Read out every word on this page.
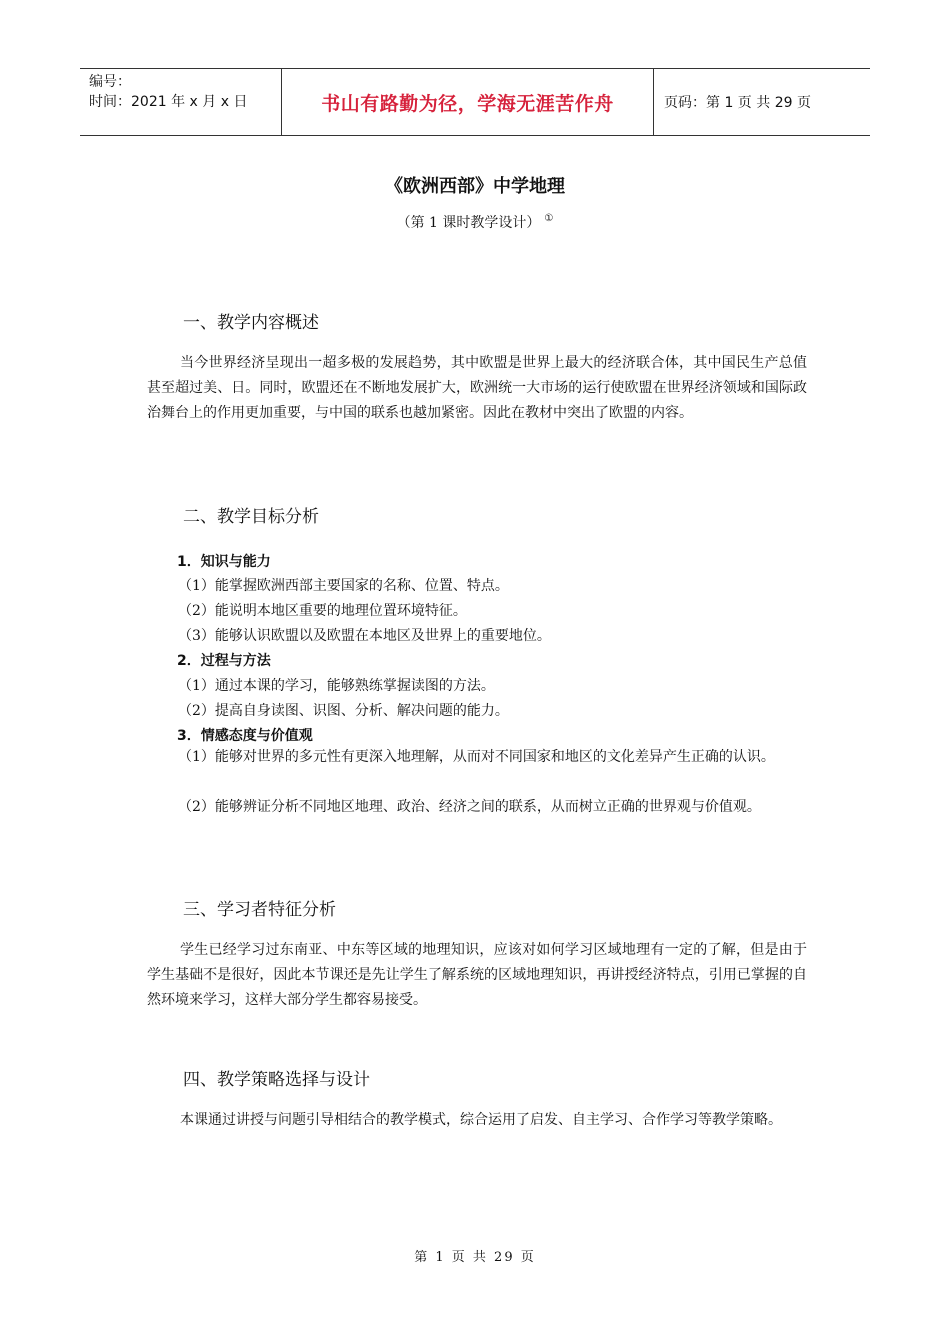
编号：
时间：2021 年 x 月 x 日	书山有路勤为径，学海无涯苦作舟	页码：第 1 页 共 29 页
《欧洲西部》中学地理
（第 1 课时教学设计） ①
一、教学内容概述

当今世界经济呈现出一超多极的发展趋势，其中欧盟是世界上最大的经济联合体，其中国民生产总值甚至超过美、日。同时，欧盟还在不断地发展扩大，欧洲统一大市场的运行使欧盟在世界经济领域和国际政治舞台上的作用更加重要，与中国的联系也越加紧密。因此在教材中突出了欧盟的内容。

二、教学目标分析
1．知识与能力
（1）能掌握欧洲西部主要国家的名称、位置、特点。
（2）能说明本地区重要的地理位置环境特征。
（3）能够认识欧盟以及欧盟在本地区及世界上的重要地位。
2．过程与方法
（1）通过本课的学习，能够熟练掌握读图的方法。
（2）提高自身读图、识图、分析、解决问题的能力。
3．情感态度与价值观

（1）能够对世界的多元性有更深入地理解，从而对不同国家和地区的文化差异产生正确的认识。

（2）能够辨证分析不同地区地理、政治、经济之间的联系，从而树立正确的世界观与价值观。

三、学习者特征分析

学生已经学习过东南亚、中东等区域的地理知识，应该对如何学习区域地理有一定的了解，但是由于学生基础不是很好，因此本节课还是先让学生了解系统的区域地理知识，再讲授经济特点，引用已掌握的自然环境来学习，这样大部分学生都容易接受。

四、教学策略选择与设计

本课通过讲授与问题引导相结合的教学模式，综合运用了启发、自主学习、合作学习等教学策略。

第 1 页 共 29 页
